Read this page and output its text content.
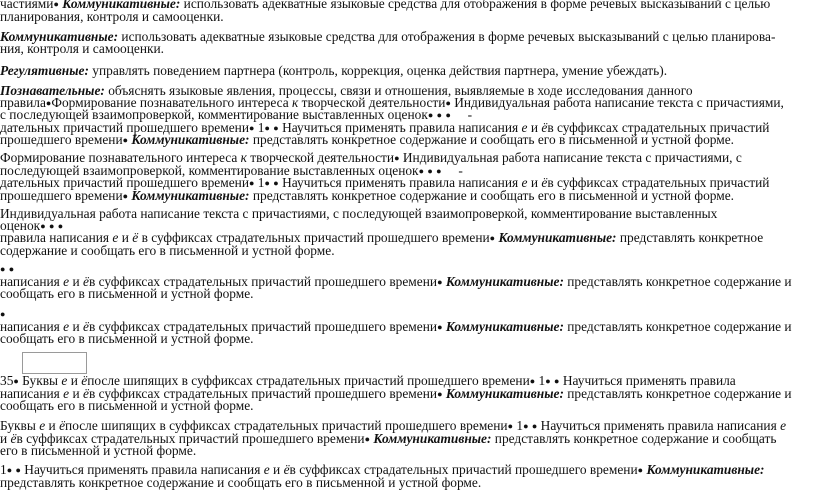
частиями● Коммуникативные: использовать адекватные языковые средства для отображения в форме речевых высказываний с целью
планирования, контроля и самооценки.

Коммуникативные: использовать адекватные языковые средства для отображения в форме речевых высказываний с целью планирова-
ния, контроля и самооценки.

Регулятивные: управлять поведением партнера (контроль, коррекция, оценка действия партнера, умение убеждать).

Познавательные: объяснять языковые явления, процессы, связи и отношения, выявляемые в ходе исследования данного
правила●Формирование познавательного интереса к творческой деятельности● Индивидуальная работа написание текста с причастиями,
с последующей взаимопроверкой, комментирование выставленных оценок● ● ● -
дательных причастий прошедшего времени● 1● ● Научиться применять правила написания е и ёв суффиксах страдательных причастий
прошедшего времени● Коммуникативные: представлять конкретное содержание и сообщать его в письменной и устной форме.

Формирование познавательного интереса к творческой деятельности● Индивидуальная работа написание текста с причастиями, с
последующей взаимопроверкой, комментирование выставленных оценок● ● ● -
дательных причастий прошедшего времени● 1● ● Научиться применять правила написания е и ёв суффиксах страдательных причастий
прошедшего времени● Коммуникативные: представлять конкретное содержание и сообщать его в письменной и устной форме.

Индивидуальная работа написание текста с причастиями, с последующей взаимопроверкой, комментирование выставленных
оценок● ● ●
правила написания е и ё в суффиксах страдательных причастий прошедшего времени● Коммуникативные: представлять конкретное
содержание и сообщать его в письменной и устной форме.

● ●
написания е и ёв суффиксах страдательных причастий прошедшего времени● Коммуникативные: представлять конкретное содержание и
сообщать его в письменной и устной форме.

●
написания е и ёв суффиксах страдательных причастий прошедшего времени● Коммуникативные: представлять конкретное содержание и
сообщать его в письменной и устной форме.

35● Буквы е и ёпосле шипящих в суффиксах страдательных причастий прошедшего времени● 1● ● Научиться применять правила
написания е и ёв суффиксах страдательных причастий прошедшего времени● Коммуникативные: представлять конкретное содержание и
сообщать его в письменной и устной форме.

Буквы е и ёпосле шипящих в суффиксах страдательных причастий прошедшего времени● 1● ● Научиться применять правила написания е
и ёв суффиксах страдательных причастий прошедшего времени● Коммуникативные: представлять конкретное содержание и сообщать
его в письменной и устной форме.

1● ● Научиться применять правила написания е и ёв суффиксах страдательных причастий прошедшего времени● Коммуникативные:
представлять конкретное содержание и сообщать его в письменной и устной форме.
